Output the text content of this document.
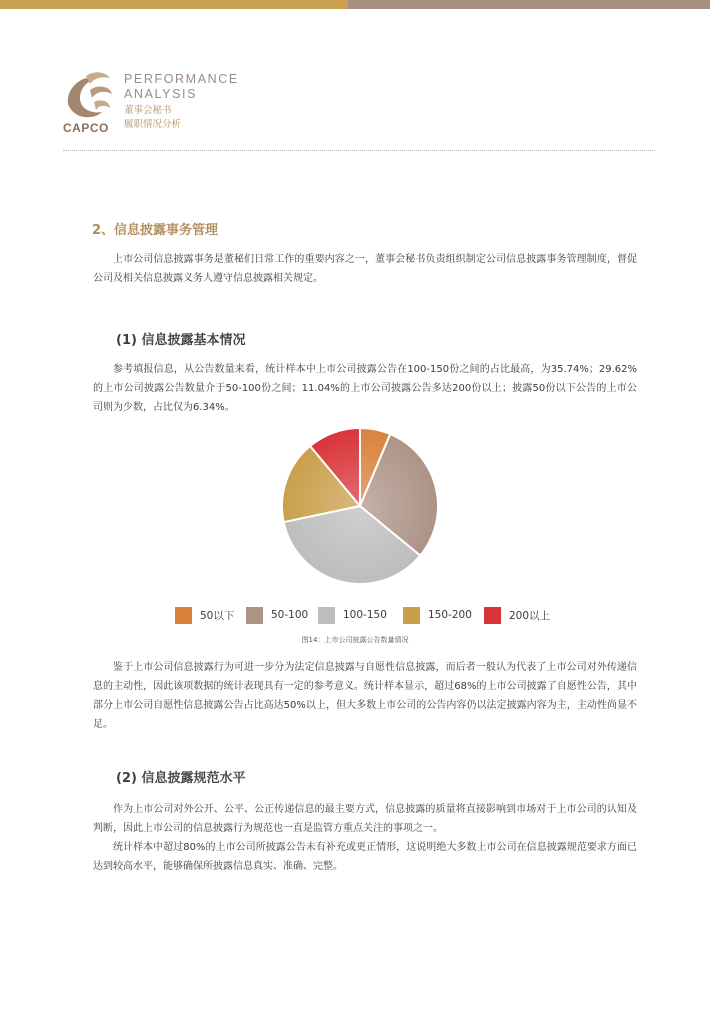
CAPCO
PERFORMANCE
ANALYSIS
董事会秘书
履职情况分析
2、信息披露事务管理

上市公司信息披露事务是董秘们日常工作的重要内容之一，董事会秘书负责组织制定公司信息披露事务管理制度，督促公司及相关信息披露义务人遵守信息披露相关规定。

(1) 信息披露基本情况

参考填报信息，从公告数量来看，统计样本中上市公司披露公告在100-150份之间的占比最高，为35.74%；29.62%的上市公司披露公告数量介于50-100份之间；11.04%的上市公司披露公告多达200份以上；披露50份以下公告的上市公司则为少数，占比仅为6.34%。

50以下	50-100	100-150	150-200	200以上
图14：上市公司披露公告数量情况

鉴于上市公司信息披露行为可进一步分为法定信息披露与自愿性信息披露，而后者一般认为代表了上市公司对外传递信息的主动性，因此该项数据的统计表现具有一定的参考意义。统计样本显示，超过68%的上市公司披露了自愿性公告，其中部分上市公司自愿性信息披露公告占比高达50%以上，但大多数上市公司的公告内容仍以法定披露内容为主，主动性尚显不足。

(2) 信息披露规范水平

作为上市公司对外公开、公平、公正传递信息的最主要方式，信息披露的质量将直接影响到市场对于上市公司的认知及判断，因此上市公司的信息披露行为规范也一直是监管方重点关注的事项之一。

统计样本中超过80%的上市公司所披露公告未有补充或更正情形，这说明绝大多数上市公司在信息披露规范要求方面已达到较高水平，能够确保所披露信息真实、准确、完整。
